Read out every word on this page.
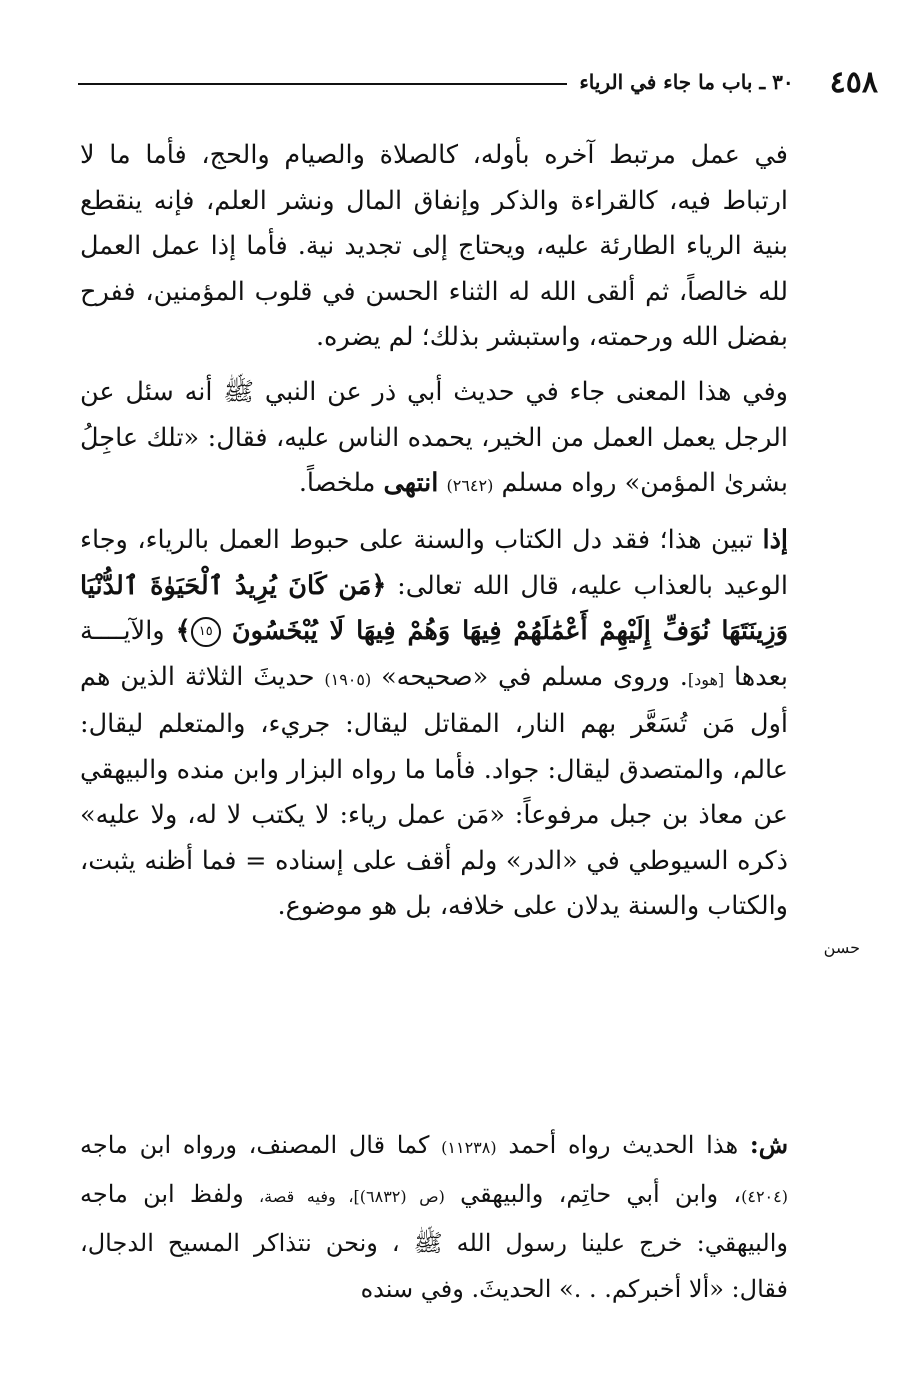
٤٥٨
٣٠ ـ باب ما جاء في الرياء

في عمل مرتبط آخره بأوله، كالصلاة والصيام والحج، فأما ما لا ارتباط فيه، كالقراءة والذكر وإنفاق المال ونشر العلم، فإنه ينقطع بنية الرياء الطارئة عليه، ويحتاج إلى تجديد نية. فأما إذا عمل العمل لله خالصاً، ثم ألقى الله له الثناء الحسن في قلوب المؤمنين، ففرح بفضل الله ورحمته، واستبشر بذلك؛ لم يضره.

وفي هذا المعنى جاء في حديث أبي ذر عن النبي ﷺ أنه سئل عن الرجل يعمل العمل من الخير، يحمده الناس عليه، فقال: «تلك عاجِلُ بشرىٰ المؤمن» رواه مسلم (٢٦٤٢) انتهى ملخصاً.

إذا تبين هذا؛ فقد دل الكتاب والسنة على حبوط العمل بالرياء، وجاء الوعيد بالعذاب عليه، قال الله تعالى: ﴿مَن كَانَ يُرِيدُ ٱلْحَيَوٰةَ ٱلدُّنْيَا وَزِينَتَهَا نُوَفِّ إِلَيْهِمْ أَعْمَٰلَهُمْ فِيهَا وَهُمْ فِيهَا لَا يُبْخَسُونَ ١٥﴾ والآيــــة بعدها [هود]. وروى مسلم في «صحيحه» (١٩٠٥) حديثَ الثلاثة الذين هم أول مَن تُسَعَّر بهم النار، المقاتل ليقال: جريء، والمتعلم ليقال: عالم، والمتصدق ليقال: جواد. فأما ما رواه البزار وابن منده والبيهقي عن معاذ بن جبل مرفوعاً: «مَن عمل رياء: لا يكتب لا له، ولا عليه» ذكره السيوطي في «الدر» ولم أقف على إسناده = فما أظنه يثبت، والكتاب والسنة يدلان على خلافه، بل هو موضوع.

حسن

ش: هذا الحديث رواه أحمد (١١٢٣٨) كما قال المصنف، ورواه ابن ماجه (٤٢٠٤)، وابن أبي حاتِم، والبيهقي (ص (٦٨٣٢)]، وفيه قصة، ولفظ ابن ماجه والبيهقي: خرج علينا رسول الله ﷺ ، ونحن نتذاكر المسيح الدجال، فقال: «ألا أخبركم. . .» الحديثَ. وفي سنده
